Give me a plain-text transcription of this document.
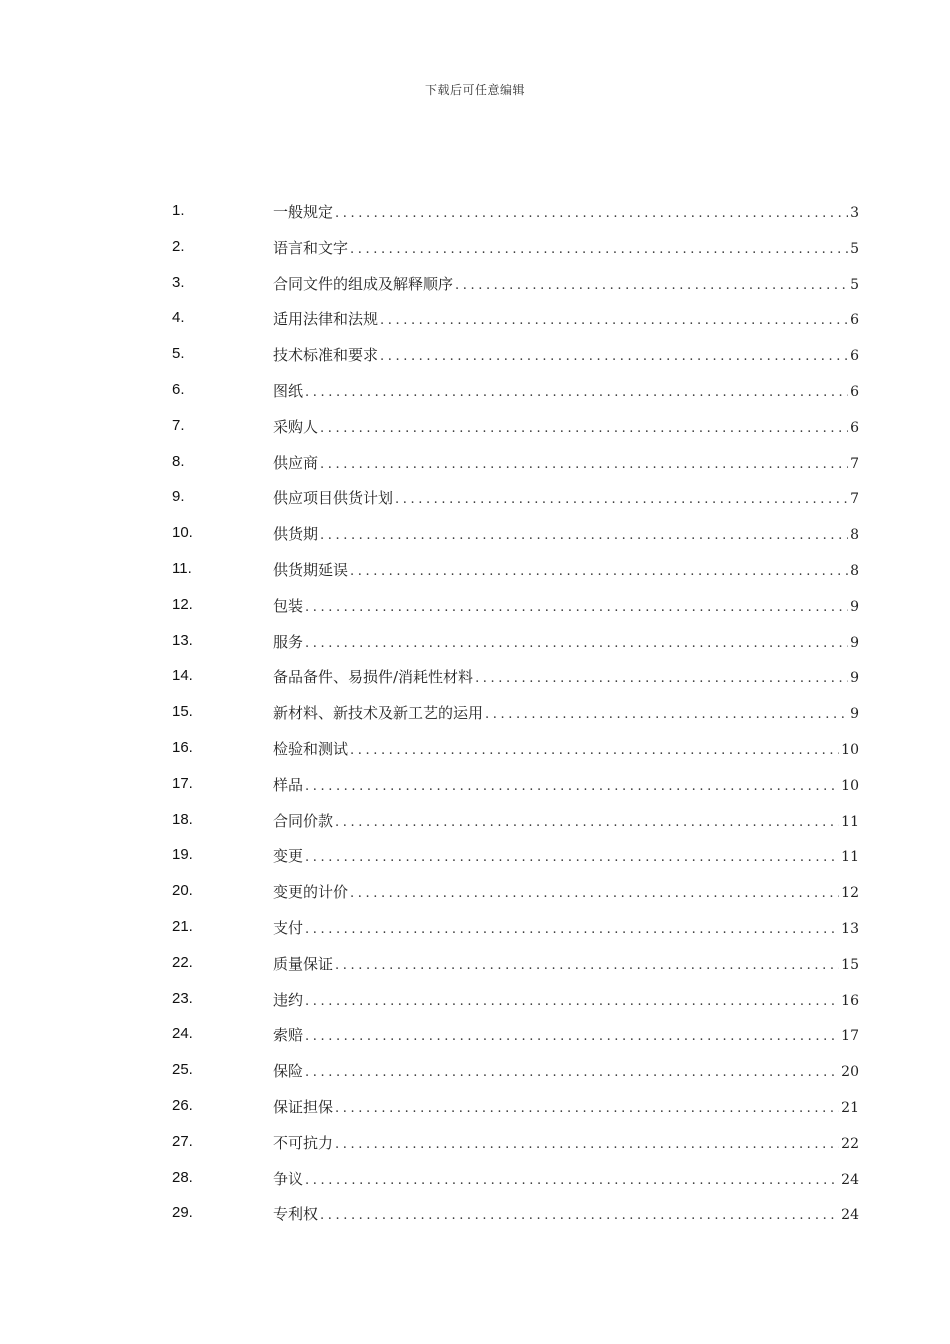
下载后可任意编辑
1.	一般规定 .....	3
2.	语言和文字 .....	5
3.	合同文件的组成及解释顺序 .....	5
4.	适用法律和法规 .....	6
5.	技术标准和要求 .....	6
6.	图纸 .....	6
7.	采购人 .....	6
8.	供应商 .....	7
9.	供应项目供货计划 .....	7
10.	供货期 .....	8
11.	供货期延误 .....	8
12.	包装 .....	9
13.	服务 .....	9
14.	备品备件、易损件/消耗性材料 .....	9
15.	新材料、新技术及新工艺的运用 .....	9
16.	检验和测试 .....	10
17.	样品 .....	10
18.	合同价款 .....	11
19.	变更 .....	11
20.	变更的计价 .....	12
21.	支付 .....	13
22.	质量保证 .....	15
23.	违约 .....	16
24.	索赔 .....	17
25.	保险 .....	20
26.	保证担保 .....	21
27.	不可抗力 .....	22
28.	争议 .....	24
29.	专利权 .....	24
